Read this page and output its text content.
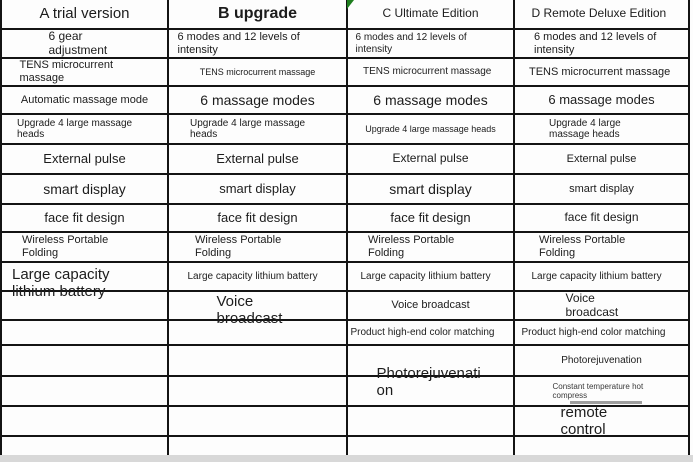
A trial version
6 gear adjustment
TENS microcurrent massage
Automatic massage mode
Upgrade 4 large massage heads
External pulse
smart display
face fit design
Wireless Portable Folding
Large capacity lithium battery
B upgrade
6 modes and 12 levels of intensity
TENS microcurrent massage
6 massage modes
Upgrade 4 large massage heads
External pulse
smart display
face fit design
Wireless Portable Folding
Large capacity lithium battery
Voice broadcast
C Ultimate Edition
6 modes and 12 levels of intensity
TENS microcurrent massage
6 massage modes
Upgrade 4 large massage heads
External pulse
smart display
face fit design
Wireless Portable Folding
Large capacity lithium battery
Voice broadcast
Product high-end color matching
Photorejuvenation
D Remote Deluxe Edition
6 modes and 12 levels of intensity
TENS microcurrent massage
6 massage modes
Upgrade 4 large massage heads
External pulse
smart display
face fit design
Wireless Portable Folding
Large capacity lithium battery
Voice broadcast
Product high-end color matching
Photorejuvenation
Constant temperature hot compress
remote control
